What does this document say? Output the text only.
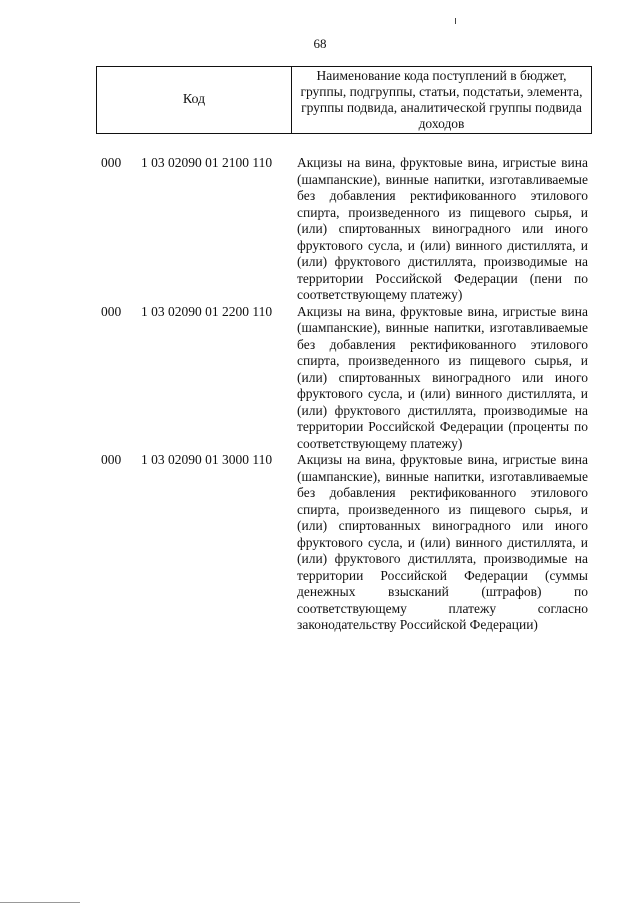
68
Код
Наименование кода поступлений в бюджет, группы, подгруппы, статьи, подстатьи, элемента, группы подвида, аналитической группы подвида доходов
000 1 03 02090 01 2100 110 Акцизы на вина, фруктовые вина, игристые вина (шампанские), винные напитки, изготавливаемые без добавления ректификованного этилового спирта, произведенного из пищевого сырья, и (или) спиртованных виноградного или иного фруктового сусла, и (или) винного дистиллята, и (или) фруктового дистиллята, производимые на территории Российской Федерации (пени по соответствующему платежу)
000 1 03 02090 01 2200 110 Акцизы на вина, фруктовые вина, игристые вина (шампанские), винные напитки, изготавливаемые без добавления ректификованного этилового спирта, произведенного из пищевого сырья, и (или) спиртованных виноградного или иного фруктового сусла, и (или) винного дистиллята, и (или) фруктового дистиллята, производимые на территории Российской Федерации (проценты по соответствующему платежу)
000 1 03 02090 01 3000 110 Акцизы на вина, фруктовые вина, игристые вина (шампанские), винные напитки, изготавливаемые без добавления ректификованного этилового спирта, произведенного из пищевого сырья, и (или) спиртованных виноградного или иного фруктового сусла, и (или) винного дистиллята, и (или) фруктового дистиллята, производимые на территории Российской Федерации (суммы денежных взысканий (штрафов) по соответствующему платежу согласно законодательству Российской Федерации)
